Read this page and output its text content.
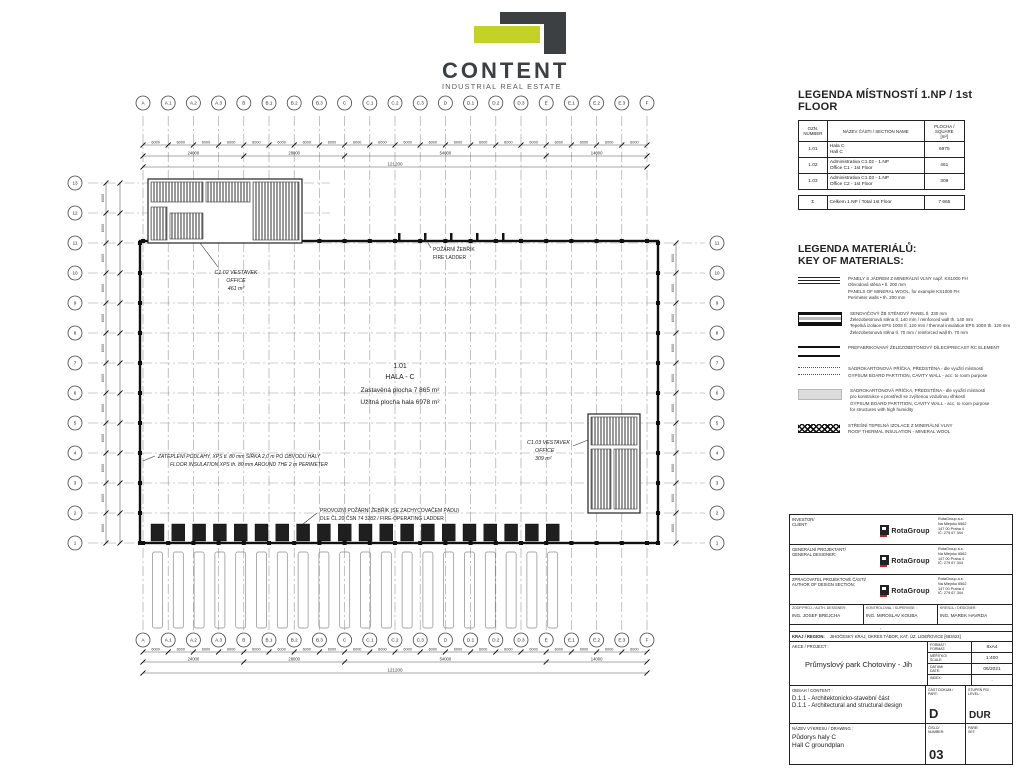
CONTENT
INDUSTRIAL REAL ESTATE
A
A
A.1
A.1
A.2
A.2
A.3
A.3
B
B
B.1
B.1
B.2
B.2
B.3
B.3
C
C
C.1
C.1
C.2
C.2
C.3
C.3
D
D
D.1
D.1
D.2
D.2
D.3
D.3
E
E
E.1
E.1
E.2
E.2
E.3
E.3
F
F
13
12
11
10
9
8
7
6
5
4
3
2
1
11
10
9
8
7
6
5
4
3
2
1
6000	6000	6000	6000	6000	6000	6000	6000	6000	6000	6000	6000	6000	6000	6000	6000	6000	6000	6000	6000
24000	28000	54000	14000
121200
6000	6000	6000	6000	6000	6000	6000	6000	6000	6000	6000	6000	6000	6000	6000	6000	6000	6000	6000	6000
24000	28000	54000	14000
121200
6000
6000
6000
6000
6000
6000
6000
6000
6000
6000
6000
6000
6000
6000
6000
6000
6000
6000
6000
6000
6000
6000
1.01
HALA - C
Zastavěná plocha 7 865 m²
Užitná plocha hala 6978 m²
C1.02 VESTAVEK
OFFICE
461 m²
C1.03 VESTAVEK
OFFICE
309 m²
POŽÁRNÍ ŽEBŘÍK
FIRE LADDER
ZATEPLENÍ PODLAHY, XPS tl. 80 mm ŠÍŘKA 2,0 m PO OBVODU HALY
FLOOR INSULATION XPS th. 80 mm AROUND THE 2 m PERIMETER
PROVOZNÍ POŽÁRNÍ ŽEBŘÍK (SE ZACHYCOVAČEM PÁDU)
DLE ČL.20 ČSN 74 3282 / FIRE-OPERATING LADDER
LEGENDA MÍSTNOSTÍ 1.NP / 1st FLOOR
OZN.
NUMBER	NÁZEV ČÁSTI / SECTION NAME	
PLOCHA /
SQUARE
[m²]

1.01	Hala C
Hall C	6975
1.02	Administrativa C1.02 - 1.NP
Office C1 - 1st Floor	461
1.03	Administrativa C1.03 - 1.NP
Office C2 - 1st Floor	309
Σ	Celkem 1.NP / Total 1st Floor	7 665
LEGENDA MATERIÁLŮ:
KEY OF MATERIALS:
PANELY S JÁDREM Z MINERÁLNÍ VLNY např. KS1000 FH
Obvodová stěna • tl. 200 mm
PANELS OF MINERAL WOOL, for example KS1000 FH
Perimeter walls • th. 200 mm
SENDVIČOVÝ ŽB STĚNOVÝ PANEL tl. 330 mm
Železobetonová stěna tl. 140 mm / reinforced wall th. 140 mm
Tepelná izolace EPS 100S tl. 120 mm / thermal insulation EPS 100S th. 120 mm
Železobetonová stěna tl. 70 mm / reinforced wall th. 70 mm
PREFABRIKOVANÝ ŽELEZOBETONOVÝ DÍLEC/PRECAST RC ELEMENT
SÁDROKARTONOVÁ PŘÍČKA, PŘEDSTĚNA - dle využití místností
GYPSUM BOARD PARTITION, CAVITY WALL - acc. to room purpose
SÁDROKARTONOVÁ PŘÍČKA, PŘEDSTĚNA - dle využití místností
pro konstrukce v prostředí se zvýšenou vzdušnou vlhkostí
GYPSUM BOARD PARTITION, CAVITY WALL - acc. to room purpose
for structures with high humidity
STŘEŠNÍ TEPELNÁ IZOLACE Z MINERÁLNÍ VLNY
ROOF THERMAL INSULATION - MINERAL WOOL
INVESTOR/
CLIENT:
RotaGroup
RotaGroup a.s.
Na Mlejnku 6562
147 00 Praha 4
IČ: 279 67 344
GENERÁLNÍ PROJEKTANT/
GENERAL DESIGNER:
RotaGroup
RotaGroup a.s.
Na Mlejnku 6562
147 00 Praha 4
IČ: 279 67 344
ZPRACOVATEL PROJEKTOVÉ ČÁSTI/
AUTHOR OF DESIGN SECTION:
RotaGroup
RotaGroup a.s.
Na Mlejnku 6562
147 00 Praha 4
IČ: 279 67 344
ZODP.PROJ. / AUTH. DESIGNER:
ING. JOSEF BREJCHA
KONTROLOVAL / SUPERVISE :
ING. MIROSLAV KOUBA
KRESLIL / DESIGNER:
ING. MAREK HAVRDA
.
KRAJ / REGION: JIHOČESKÝ KRAJ, OKRES TÁBOR, KAT. ÚZ. LIDEŘOVICE [683423]
AKCE / PROJECT :
Průmyslový park Chotoviny - Jih
FORMÁT/
FORMAT:	8xA4
MĚŘÍTKO/
SCALE:	1:400
DATUM/
DATE:	06/2021
INDEX:	.
OBSAH / CONTENT :
D.1.1 - Architektonicko-stavební část
D.1.1 - Architectural and structural design
ČÁST DOKUM./
PART:
D
STUPEŇ PD/
LEVEL:
DUR
NÁZEV VÝKRESU / DRAWING :
Půdorys haly C
Hall C groundplan
ČÍSLO/
NUMBER:
03
PARÉ/
SET:
